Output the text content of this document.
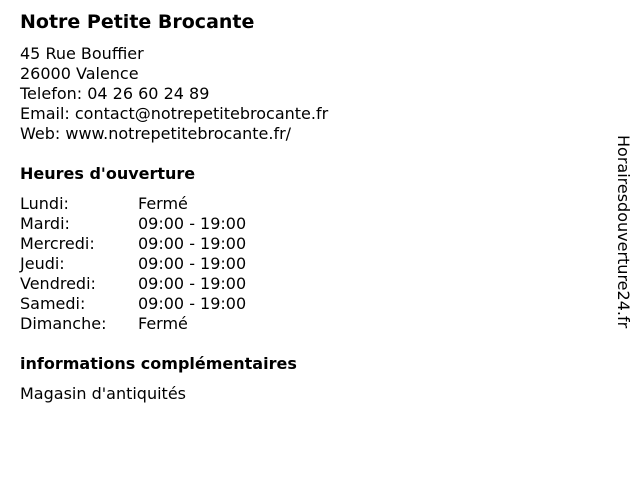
Notre Petite Brocante
45 Rue Bouffier
26000 Valence
Telefon: 04 26 60 24 89
Email: contact@notrepetitebrocante.fr
Web: www.notrepetitebrocante.fr/
Heures d'ouverture
Lundi:	Fermé
Mardi:	09:00 - 19:00
Mercredi:	09:00 - 19:00
Jeudi:	09:00 - 19:00
Vendredi:	09:00 - 19:00
Samedi:	09:00 - 19:00
Dimanche:	Fermé
informations complémentaires
Magasin d'antiquités
Horairesdouverture24.fr
